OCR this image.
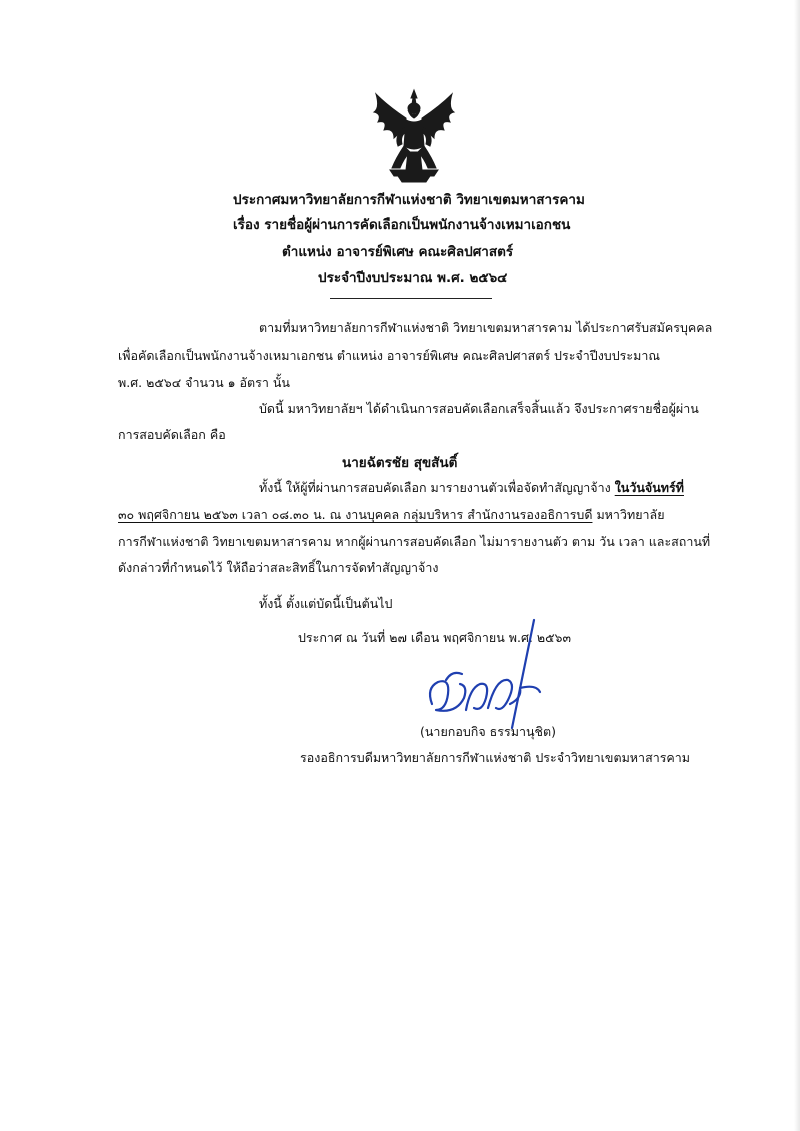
ประกาศมหาวิทยาลัยการกีฬาแห่งชาติ วิทยาเขตมหาสารคาม
เรื่อง รายชื่อผู้ผ่านการคัดเลือกเป็นพนักงานจ้างเหมาเอกชน
ตำแหน่ง อาจารย์พิเศษ คณะศิลปศาสตร์
ประจำปีงบประมาณ พ.ศ. ๒๕๖๔
ตามที่มหาวิทยาลัยการกีฬาแห่งชาติ วิทยาเขตมหาสารคาม ได้ประกาศรับสมัครบุคคล
เพื่อคัดเลือกเป็นพนักงานจ้างเหมาเอกชน ตำแหน่ง อาจารย์พิเศษ คณะศิลปศาสตร์ ประจำปีงบประมาณ
พ.ศ. ๒๕๖๔ จำนวน ๑ อัตรา นั้น
บัดนี้ มหาวิทยาลัยฯ ได้ดำเนินการสอบคัดเลือกเสร็จสิ้นแล้ว จึงประกาศรายชื่อผู้ผ่าน
การสอบคัดเลือก คือ
นายฉัตรชัย สุขสันติ์
ทั้งนี้ ให้ผู้ที่ผ่านการสอบคัดเลือก มารายงานตัวเพื่อจัดทำสัญญาจ้าง ในวันจันทร์ที่
๓๐ พฤศจิกายน ๒๕๖๓ เวลา ๐๘.๓๐ น. ณ งานบุคคล กลุ่มบริหาร สำนักงานรองอธิการบดี มหาวิทยาลัย
การกีฬาแห่งชาติ วิทยาเขตมหาสารคาม หากผู้ผ่านการสอบคัดเลือก ไม่มารายงานตัว ตาม วัน เวลา และสถานที่
ดังกล่าวที่กำหนดไว้ ให้ถือว่าสละสิทธิ์ในการจัดทำสัญญาจ้าง
ทั้งนี้ ตั้งแต่บัดนี้เป็นต้นไป
ประกาศ ณ วันที่ ๒๗ เดือน พฤศจิกายน พ.ศ. ๒๕๖๓
(นายกอบกิจ ธรรมานุชิต)
รองอธิการบดีมหาวิทยาลัยการกีฬาแห่งชาติ ประจำวิทยาเขตมหาสารคาม
